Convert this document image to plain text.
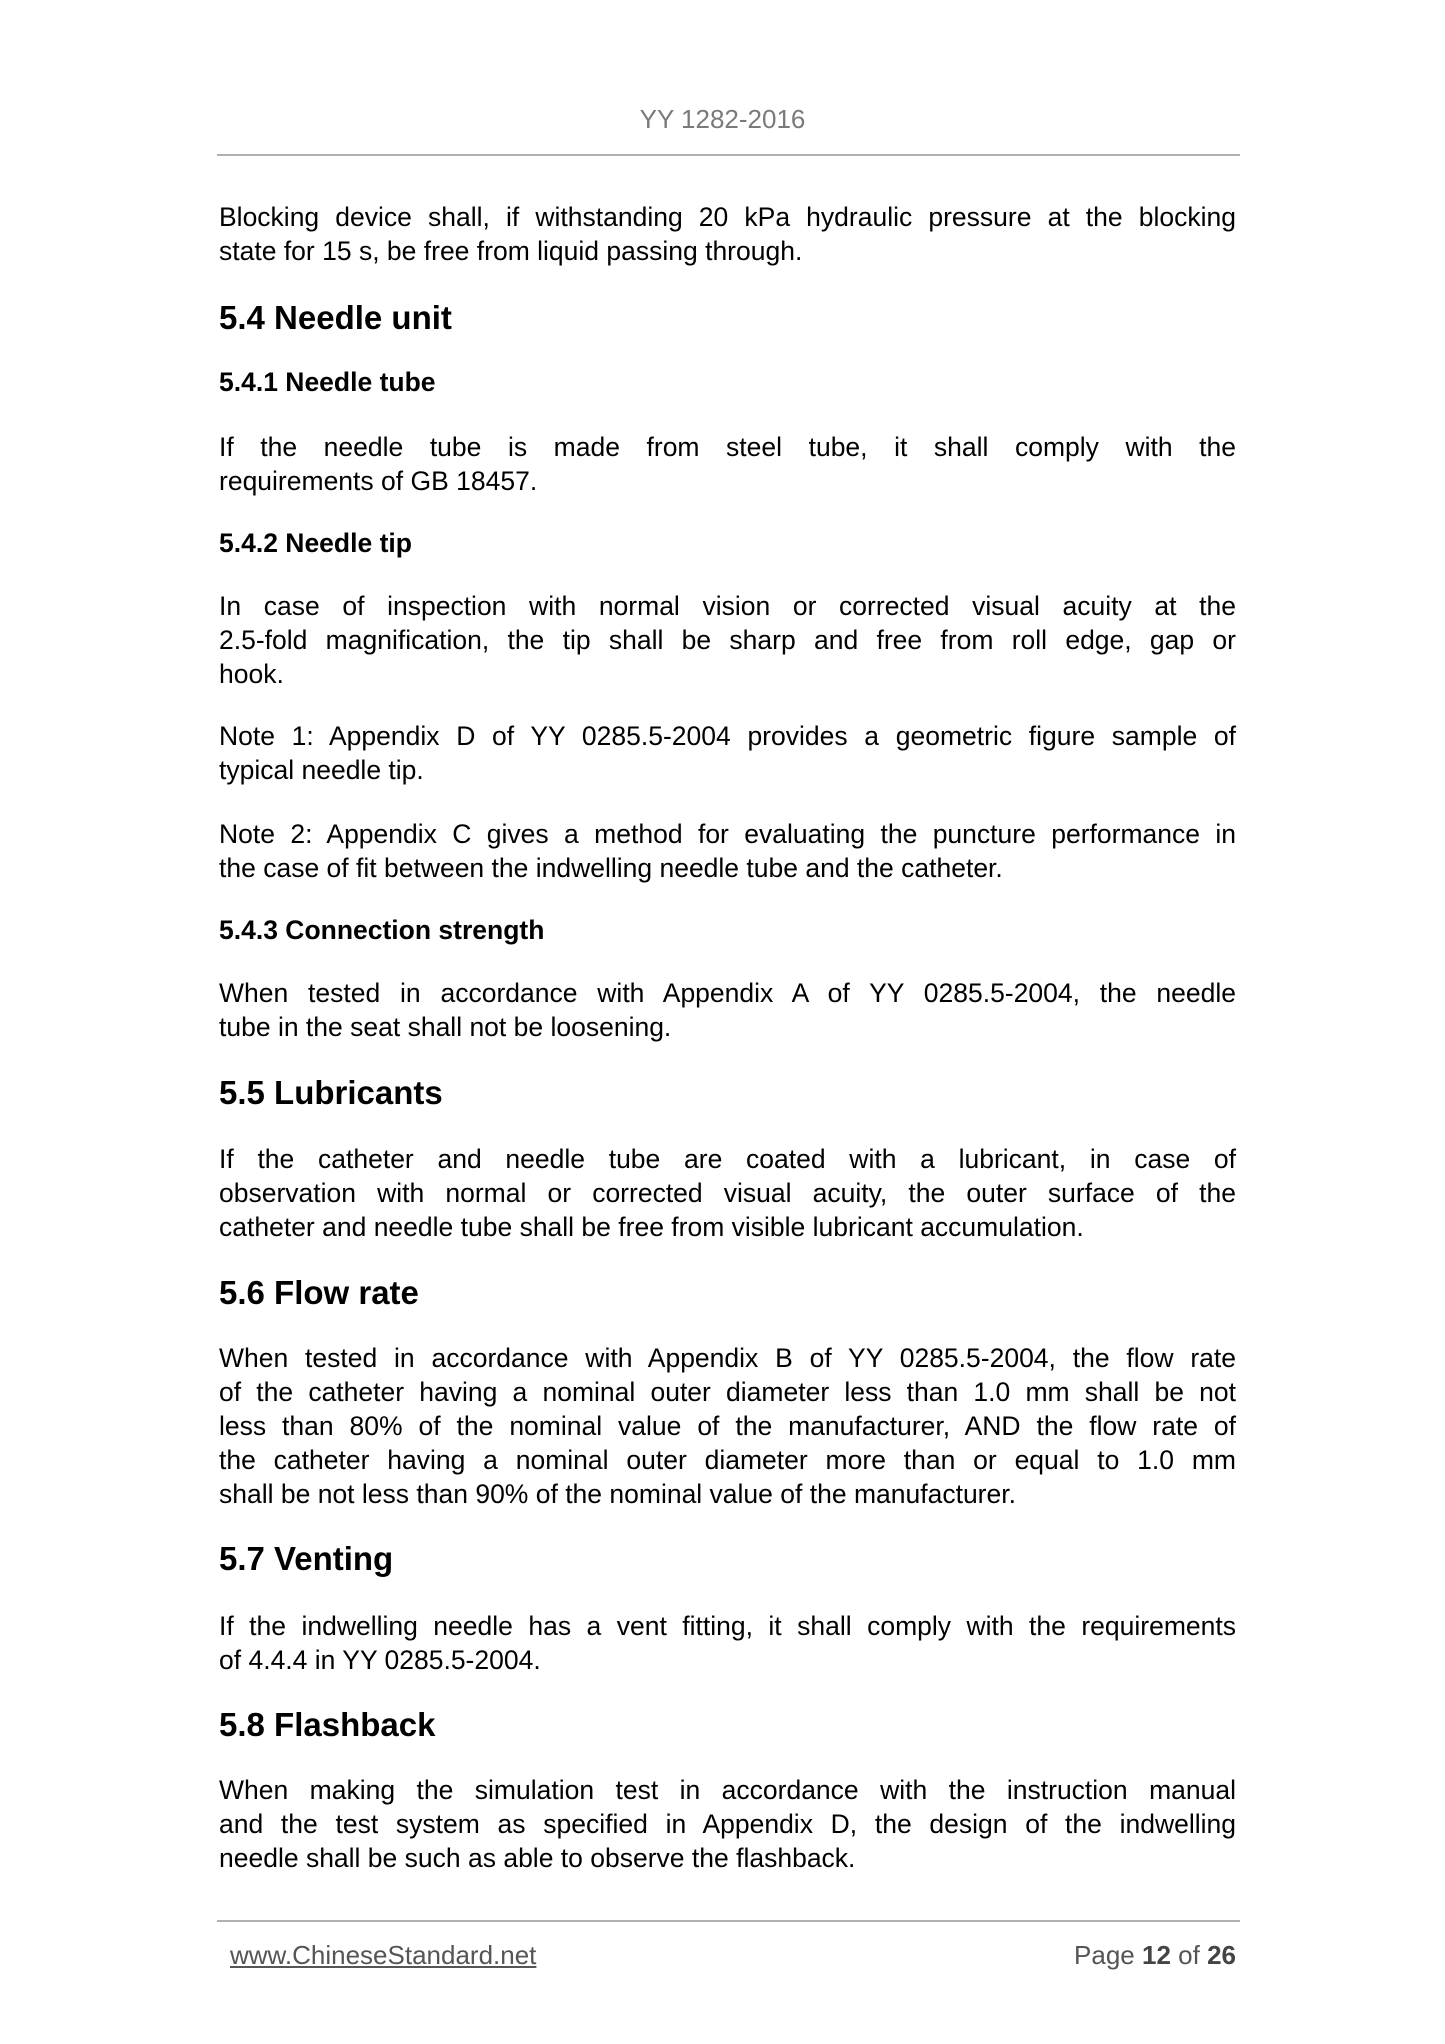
YY 1282-2016
Blocking device shall, if withstanding 20 kPa hydraulic pressure at the blocking
state for 15 s, be free from liquid passing through.
5.4 Needle unit
5.4.1 Needle tube
If the needle tube is made from steel tube, it shall comply with the
requirements of GB 18457.
5.4.2 Needle tip
In case of inspection with normal vision or corrected visual acuity at the
2.5-fold magnification, the tip shall be sharp and free from roll edge, gap or
hook.
Note 1: Appendix D of YY 0285.5-2004 provides a geometric figure sample of
typical needle tip.
Note 2: Appendix C gives a method for evaluating the puncture performance in
the case of fit between the indwelling needle tube and the catheter.
5.4.3 Connection strength
When tested in accordance with Appendix A of YY 0285.5-2004, the needle
tube in the seat shall not be loosening.
5.5 Lubricants
If the catheter and needle tube are coated with a lubricant, in case of
observation with normal or corrected visual acuity, the outer surface of the
catheter and needle tube shall be free from visible lubricant accumulation.
5.6 Flow rate
When tested in accordance with Appendix B of YY 0285.5-2004, the flow rate
of the catheter having a nominal outer diameter less than 1.0 mm shall be not
less than 80% of the nominal value of the manufacturer, AND the flow rate of
the catheter having a nominal outer diameter more than or equal to 1.0 mm
shall be not less than 90% of the nominal value of the manufacturer.
5.7 Venting
If the indwelling needle has a vent fitting, it shall comply with the requirements
of 4.4.4 in YY 0285.5-2004.
5.8 Flashback
When making the simulation test in accordance with the instruction manual
and the test system as specified in Appendix D, the design of the indwelling
needle shall be such as able to observe the flashback.
www.ChineseStandard.net	Page 12 of 26
